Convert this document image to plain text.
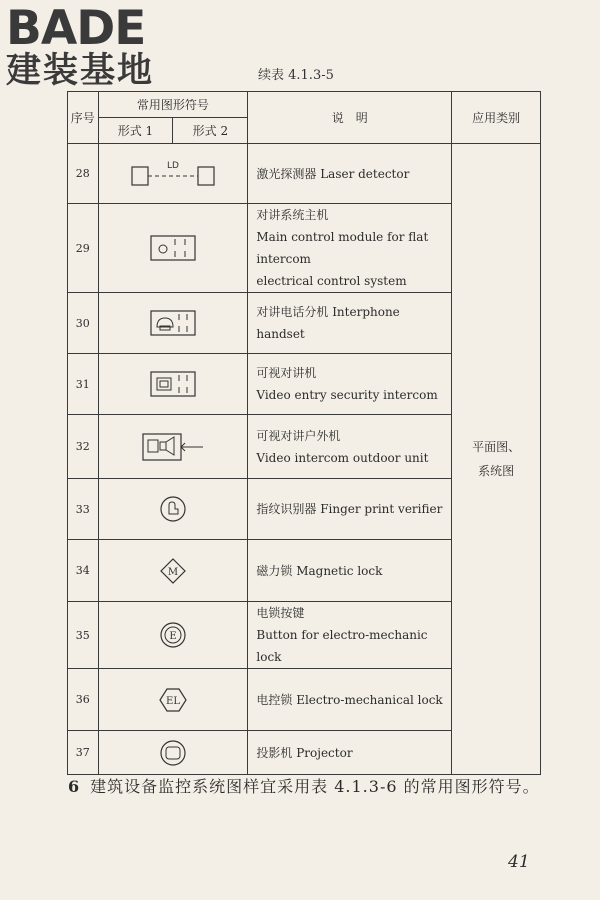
BADE
建装基地	续表 4.1.3-5
序号	常用图形符号		说　明	应用类别
	形式 1	形式 2		
28	LD		激光探测器 Laser detector	平面图、
系统图

29			对讲系统主机
Main control module for flat intercom
electrical control system	

30			对讲电话分机 Interphone handset	
31			可视对讲机
Video entry security intercom	

32			可视对讲户外机
Video intercom outdoor unit	

33			指纹识别器 Finger print verifier	
34	M		磁力锁 Magnetic lock	
35	E		电锁按键
Button for electro-mechanic lock	

36	EL		电控锁 Electro-mechanical lock	
37			投影机 Projector	
6 建筑设备监控系统图样宜采用表 4.1.3-6 的常用图形符号。
41
